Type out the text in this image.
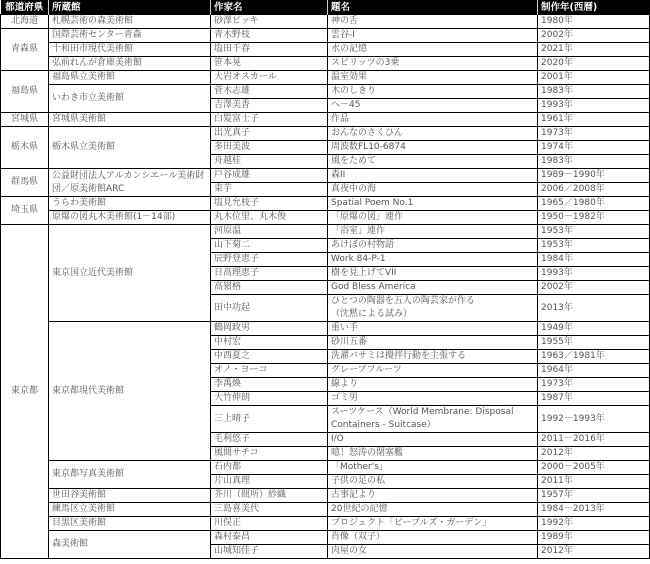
都道府県	所蔵館	作家名	題名	制作年(西暦)
北海道	札幌芸術の森美術館	砂澤ビッキ	神の舌	1980年
青森県	国際芸術センター青森	青木野枝	雲谷-I	2002年
	十和田市現代美術館	塩田千春	水の記憶	2021年
	弘前れんが倉庫美術館	笹本晃	スピリッツの3乗	2020年
福島県	福島県立美術館	大岩オスカール	温室効果	2001年
	いわき市立美術館	菅木志雄	木のしきり	1983年
		吉澤美香	へ－45	1993年
宮城県	宮城県美術館	白髪富士子	作品	1961年
栃木県	栃木県立美術館	出光真子	おんなのさくひん	1973年
		多田美波	周波数FL10-6874	1974年
		舟越桂	風をためて	1983年
群馬県	公益財団法人アルカンシエール美術財団／原美術館ARC	戸谷成雄	森II	1989－1990年
		束芋	真夜中の海	2006／2008年
埼玉県	うらわ美術館	塩見允枝子	Spatial Poem No.1	1965／1980年
	原爆の図丸木美術館(1－14部)	丸木位里、丸木俊	「原爆の図」連作	1950－1982年
東京都	東京国立近代美術館	河原温	「浴室」連作	1953年
		山下菊二	あけぼの村物語	1953年
		辰野登恵子	Work 84-P-1	1984年
		日高理恵子	樹を見上げてVII	1993年
		高嶺格	God Bless America	2002年
		田中功起	ひとつの陶器を五人の陶芸家が作る
（沈黙による試み）	2013年
	東京都現代美術館	鶴岡政男	重い手	1949年
		中村宏	砂川五番	1955年
		中西夏之	洗濯バサミは攪拌行動を主張する	1963／1981年
		オノ・ヨーコ	グレープフルーツ	1964年
		李禹煥	線より	1973年
		大竹伸朗	ゴミ男	1987年
		三上晴子	スーツケース（World Membrane: Disposal
Containers - Suitcase）	1992－1993年
		毛利悠子	I/O	2011－2016年
		風間サチコ	噫！怒涛の閉塞艦	2012年
	東京都写真美術館	石内都	「Mother's」	2000－2005年
		片山真理	子供の足の私	2011年
	世田谷美術館	芥川（間所）紗織	古事記より	1957年
	練馬区立美術館	三島喜美代	20世紀の記憶	1984－2013年
	目黒区美術館	川俣正	プロジェクト「ピープルズ・ガーデン」	1992年
	森美術館	森村泰昌	肖像（双子）	1989年
		山城知佳子	肉屋の女	2012年
